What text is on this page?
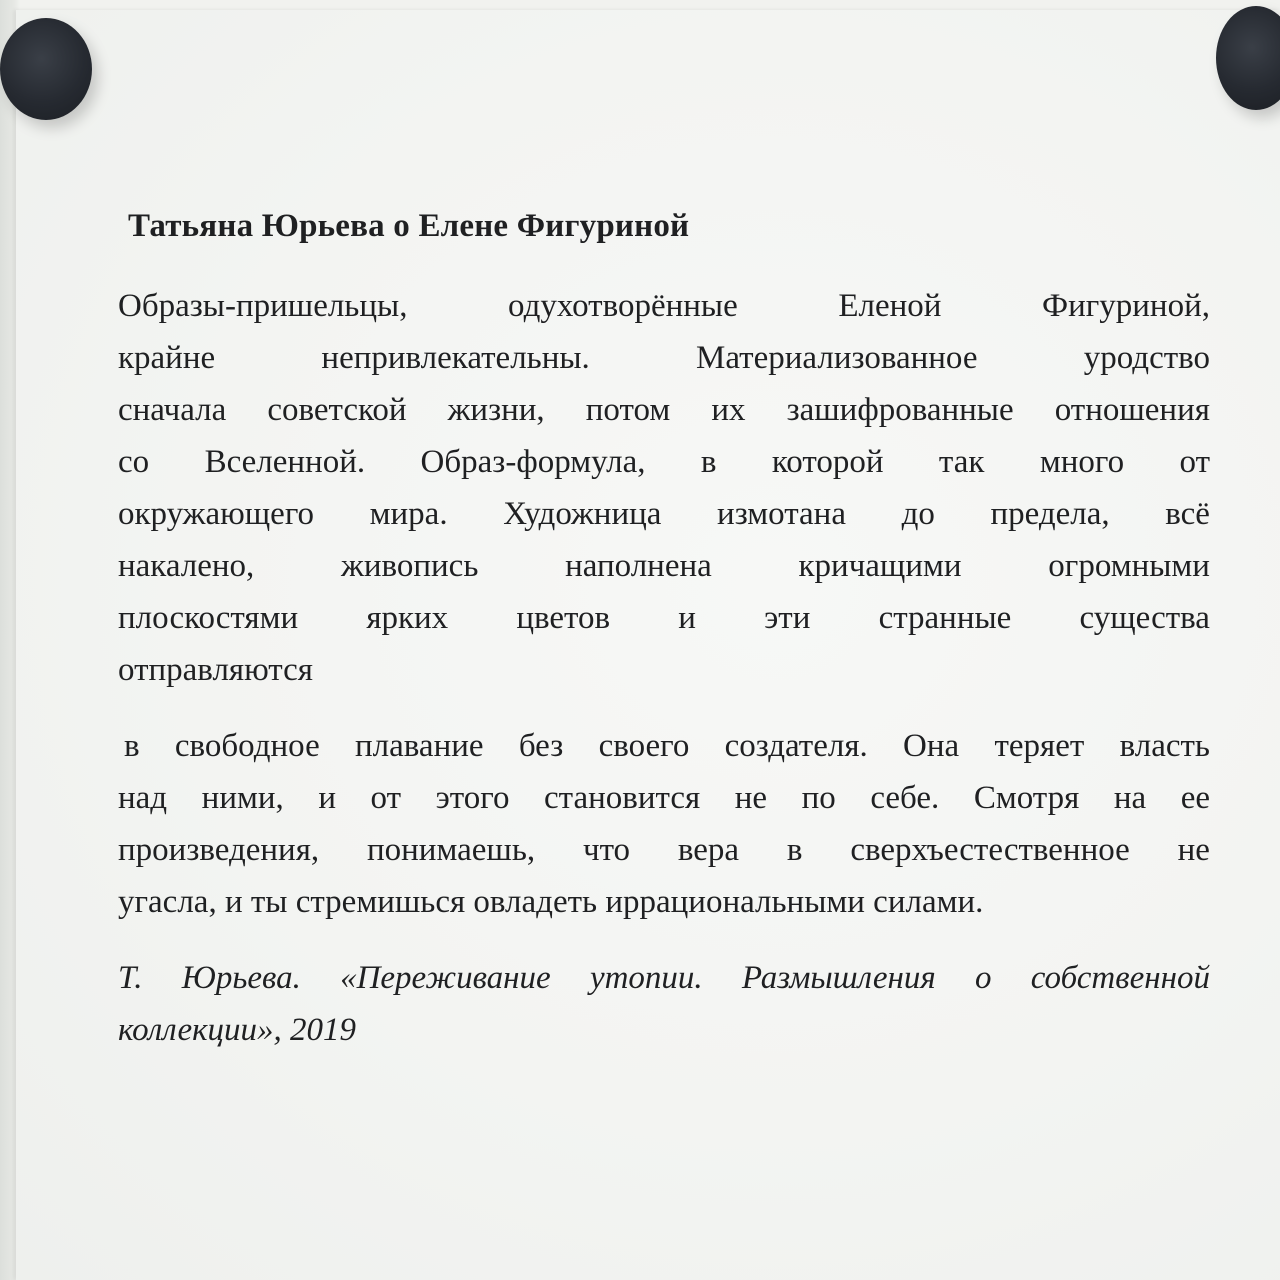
Татьяна Юрьева о Елене Фигуриной
Образы-пришельцы,	одухотворённые	Еленой	Фигуриной,
крайне	непривлекательны.	Материализованное	уродство
сначала советской жизни, потом их зашифрованные отношения
со Вселенной. Образ-формула, в которой так много от
окружающего мира. Художница измотана до предела, всё
накалено,	живопись	наполнена	кричащими	огромными
плоскостями ярких цветов и эти странные существа
отправляются
в свободное плавание без своего создателя. Она теряет власть
над ними, и от этого становится не по себе. Смотря на ее
произведения, понимаешь, что вера в сверхъестественное не
угасла, и ты стремишься овладеть иррациональными силами.
Т. Юрьева. «Переживание утопии. Размышления о собственной
коллекции», 2019
